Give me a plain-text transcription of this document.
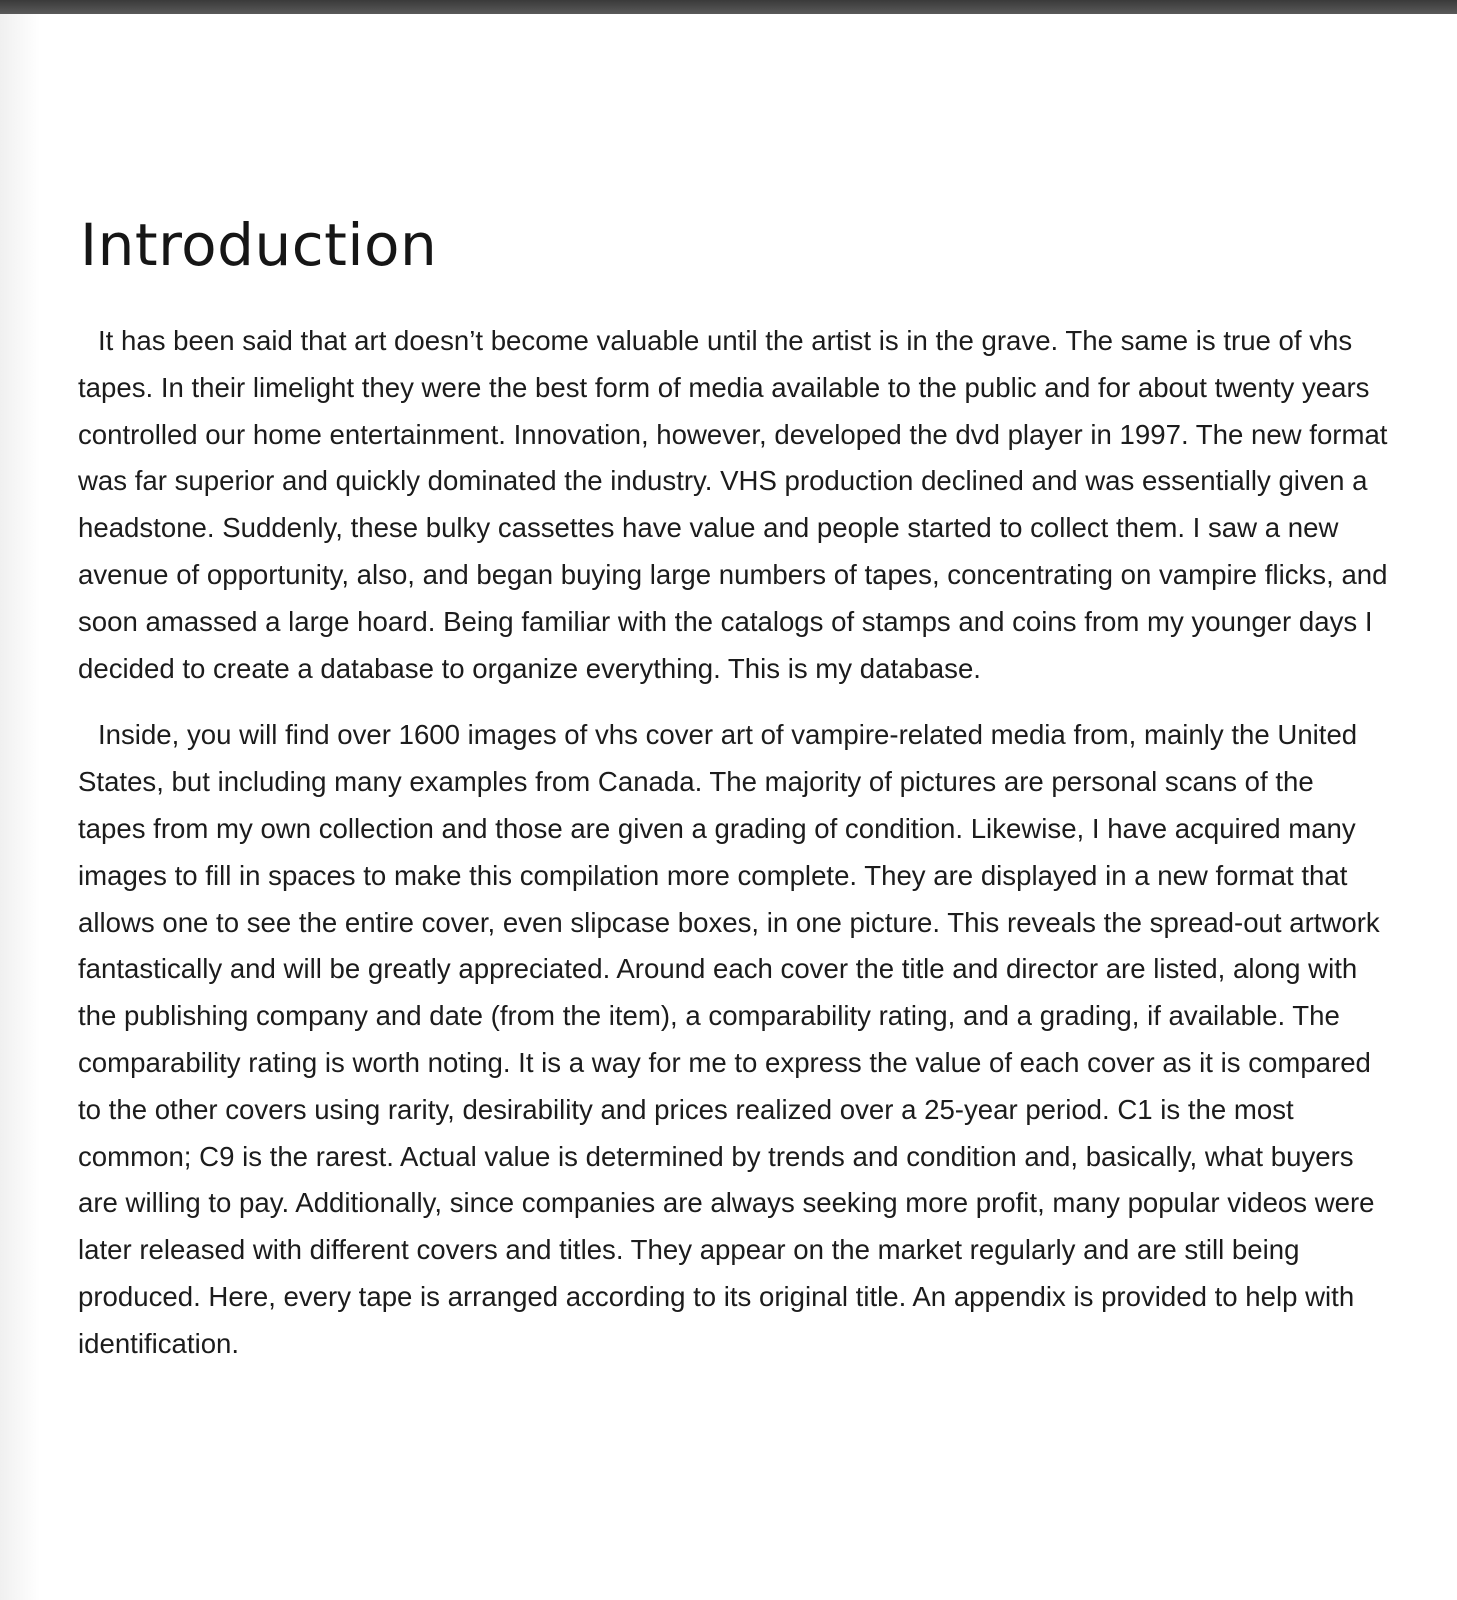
Introduction

It has been said that art doesn’t become valuable until the artist is in the grave. The same is true of vhs tapes. In their limelight they were the best form of media available to the public and for about twenty years controlled our home entertainment. Innovation, however, developed the dvd player in 1997. The new format was far superior and quickly dominated the industry. VHS production declined and was essentially given a headstone. Suddenly, these bulky cassettes have value and people started to collect them. I saw a new avenue of opportunity, also, and began buying large numbers of tapes, concentrating on vampire flicks, and soon amassed a large hoard. Being familiar with the catalogs of stamps and coins from my younger days I decided to create a database to organize everything. This is my database.

Inside, you will find over 1600 images of vhs cover art of vampire-related media from, mainly the United States, but including many examples from Canada. The majority of pictures are personal scans of the tapes from my own collection and those are given a grading of condition. Likewise, I have acquired many images to fill in spaces to make this compilation more complete. They are displayed in a new format that allows one to see the entire cover, even slipcase boxes, in one picture. This reveals the spread-out artwork fantastically and will be greatly appreciated. Around each cover the title and director are listed, along with the publishing company and date (from the item), a comparability rating, and a grading, if available. The comparability rating is worth noting. It is a way for me to express the value of each cover as it is compared to the other covers using rarity, desirability and prices realized over a 25-year period. C1 is the most common; C9 is the rarest. Actual value is determined by trends and condition and, basically, what buyers are willing to pay. Additionally, since companies are always seeking more profit, many popular videos were later released with different covers and titles. They appear on the market regularly and are still being produced. Here, every tape is arranged according to its original title. An appendix is provided to help with identification.
